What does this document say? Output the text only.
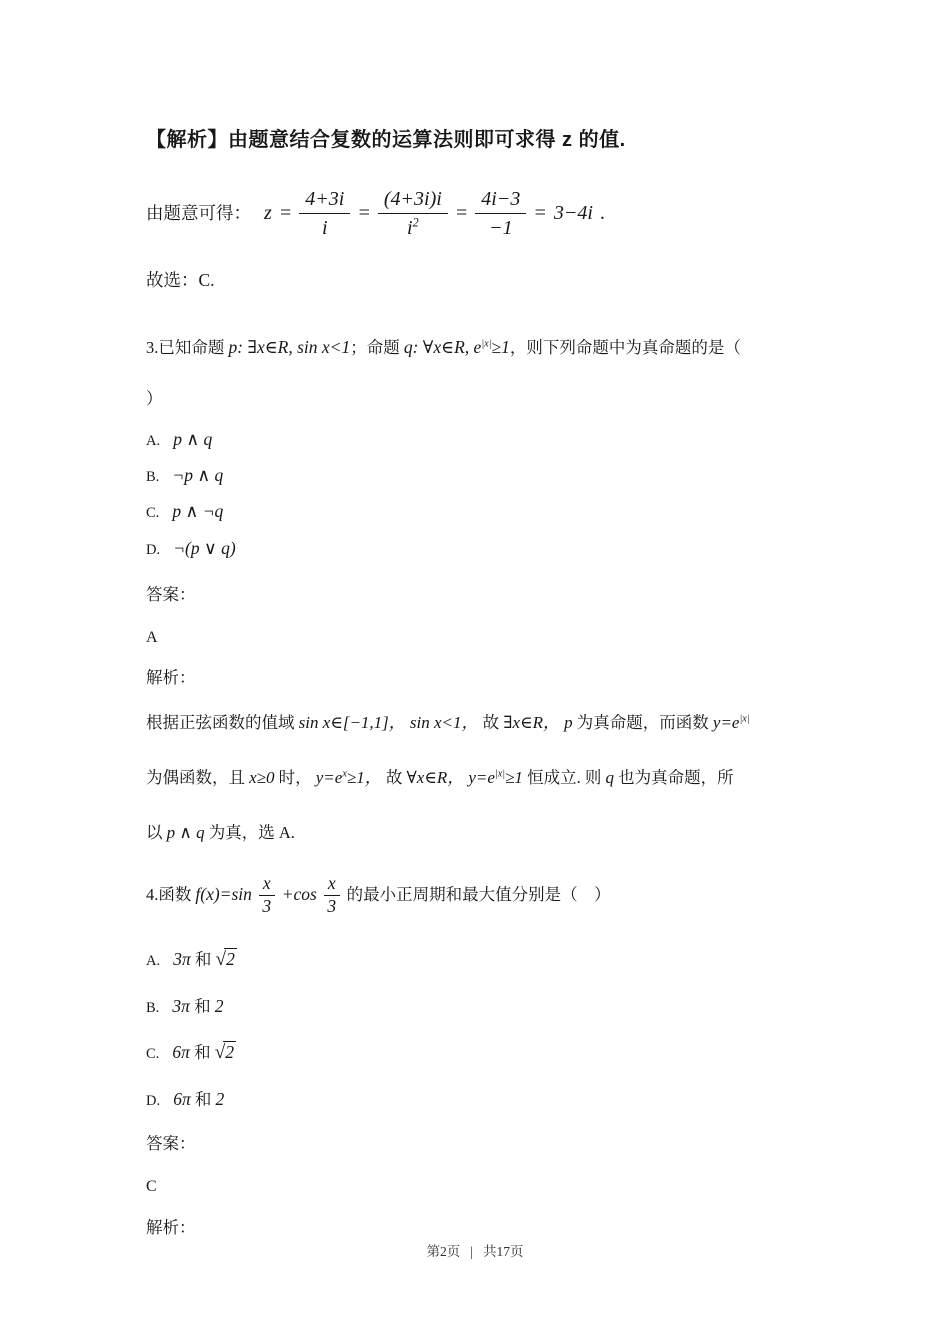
【解析】由题意结合复数的运算法则即可求得 z 的值.

由题意可得： $z = \frac{4+3i}{i} = \frac{(4+3i)i}{i^2} = \frac{4i-3}{-1} = 3-4i$ .

故选：C.

3.已知命题 p: ∃x∈R, sin x<1；命题 q: ∀x∈R, $e^{|x|}\ge 1$，则下列命题中为真命题的是（

）

A. p ∧ q
B. ¬p ∧ q
C. p ∧ ¬q
D. ¬(p ∨ q)

答案：

A

解析：

根据正弦函数的值域 sin x∈[−1,1]， sin x<1， 故 ∃x∈R， p 为真命题，而函数 $y=e^{|x|}$

为偶函数，且 x≥0 时， $y=e^x\ge 1$， 故 ∀x∈R， $y=e^{|x|}\ge 1$ 恒成立. 则 q 也为真命题，所

以 p ∧ q 为真，选 A.

4.函数 $f(x)=\sin \frac{x}{3} +\cos \frac{x}{3}$ 的最小正周期和最大值分别是（　）
A. 3π 和 √2
B. 3π 和 2
C. 6π 和 √2
D. 6π 和 2

答案：

C

解析：

第2页 | 共17页
